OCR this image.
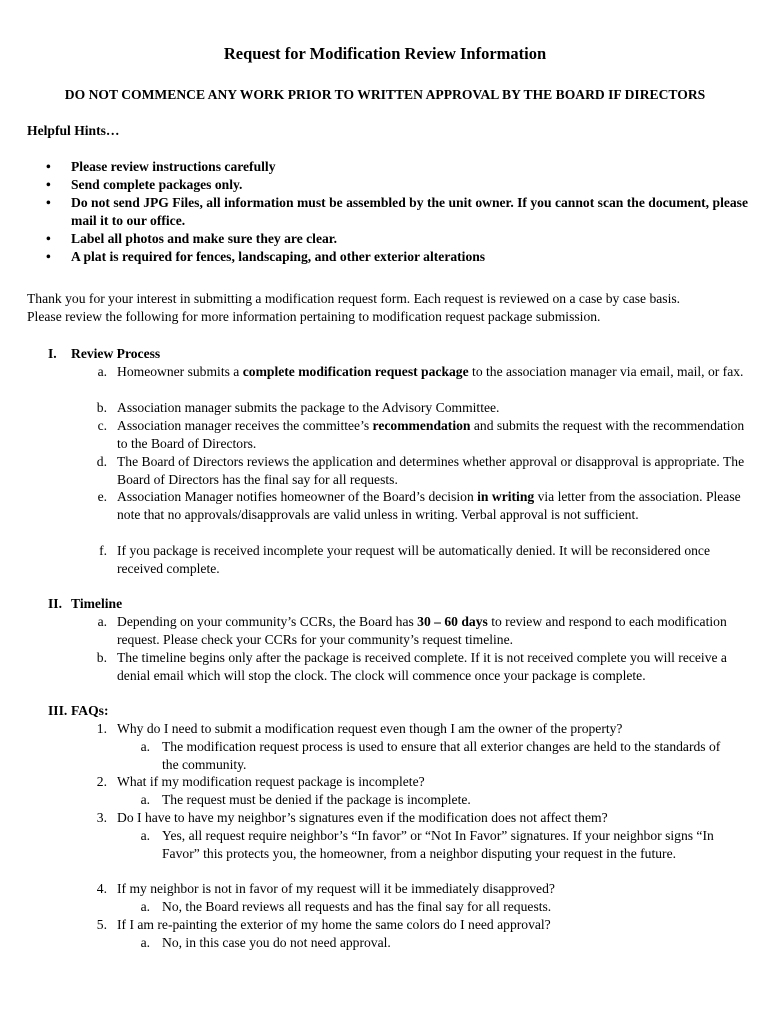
Request for Modification Review Information
DO NOT COMMENCE ANY WORK PRIOR TO WRITTEN APPROVAL BY THE BOARD IF DIRECTORS
Helpful Hints…
• Please review instructions carefully
• Send complete packages only.
• Do not send JPG Files, all information must be assembled by the unit owner. If you cannot scan the document, please mail it to our office.
• Label all photos and make sure they are clear.
• A plat is required for fences, landscaping, and other exterior alterations
Thank you for your interest in submitting a modification request form. Each request is reviewed on a case by case basis. Please review the following for more information pertaining to modification request package submission.
I. Review Process
a. Homeowner submits a complete modification request package to the association manager via email, mail, or fax.
b. Association manager submits the package to the Advisory Committee.
c. Association manager receives the committee’s recommendation and submits the request with the recommendation to the Board of Directors.
d. The Board of Directors reviews the application and determines whether approval or disapproval is appropriate. The Board of Directors has the final say for all requests.
e. Association Manager notifies homeowner of the Board’s decision in writing via letter from the association. Please note that no approvals/disapprovals are valid unless in writing. Verbal approval is not sufficient.
f. If you package is received incomplete your request will be automatically denied. It will be reconsidered once received complete.
II. Timeline
a. Depending on your community’s CCRs, the Board has 30 – 60 days to review and respond to each modification request. Please check your CCRs for your community’s request timeline.
b. The timeline begins only after the package is received complete. If it is not received complete you will receive a denial email which will stop the clock. The clock will commence once your package is complete.
III. FAQs:
1. Why do I need to submit a modification request even though I am the owner of the property?
a. The modification request process is used to ensure that all exterior changes are held to the standards of the community.
2. What if my modification request package is incomplete?
a. The request must be denied if the package is incomplete.
3. Do I have to have my neighbor’s signatures even if the modification does not affect them?
a. Yes, all request require neighbor’s “In favor” or “Not In Favor” signatures. If your neighbor signs “In Favor” this protects you, the homeowner, from a neighbor disputing your request in the future.
4. If my neighbor is not in favor of my request will it be immediately disapproved?
a. No, the Board reviews all requests and has the final say for all requests.
5. If I am re-painting the exterior of my home the same colors do I need approval?
a. No, in this case you do not need approval.
